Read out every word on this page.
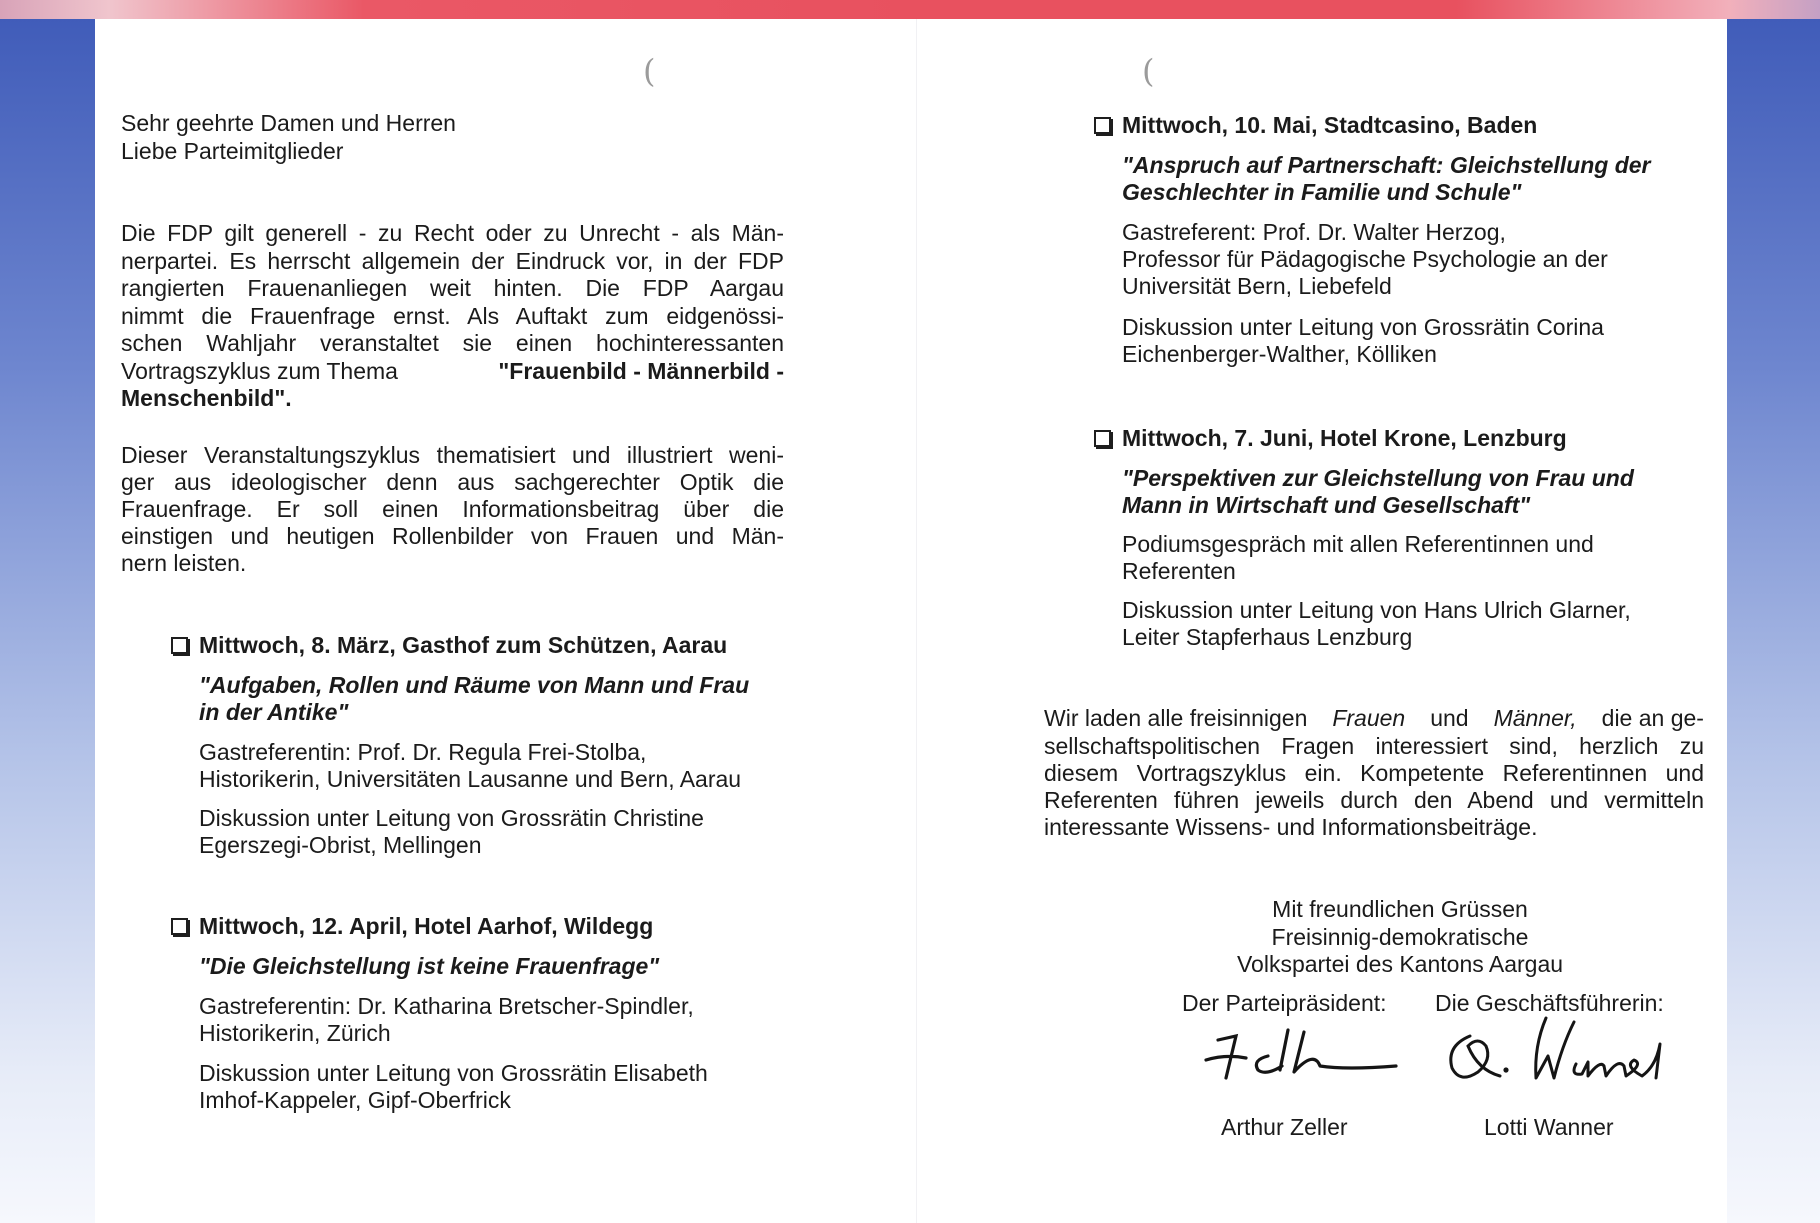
(	(
Sehr geehrte Damen und Herren
Liebe Parteimitglieder
Die FDP gilt generell - zu Recht oder zu Unrecht - als Män-
nerpartei. Es herrscht allgemein der Eindruck vor, in der FDP
rangierten Frauenanliegen weit hinten. Die FDP Aargau
nimmt die Frauenfrage ernst. Als Auftakt zum eidgenössi-
schen Wahljahr veranstaltet sie einen hochinteressanten
Vortragszyklus zum Thema	"Frauenbild - Männerbild -
Menschenbild".
Dieser Veranstaltungszyklus thematisiert und illustriert weni-
ger aus ideologischer denn aus sachgerechter Optik die
Frauenfrage. Er soll einen Informationsbeitrag über die
einstigen und heutigen Rollenbilder von Frauen und Män-
nern leisten.
Mittwoch, 8. März, Gasthof zum Schützen, Aarau
"Aufgaben, Rollen und Räume von Mann und Frau
in der Antike"
Gastreferentin: Prof. Dr. Regula Frei-Stolba,
Historikerin, Universitäten Lausanne und Bern, Aarau
Diskussion unter Leitung von Grossrätin Christine
Egerszegi-Obrist, Mellingen
Mittwoch, 12. April, Hotel Aarhof, Wildegg
"Die Gleichstellung ist keine Frauenfrage"
Gastreferentin: Dr. Katharina Bretscher-Spindler,
Historikerin, Zürich
Diskussion unter Leitung von Grossrätin Elisabeth
Imhof-Kappeler, Gipf-Oberfrick
Mittwoch, 10. Mai, Stadtcasino, Baden
"Anspruch auf Partnerschaft: Gleichstellung der
Geschlechter in Familie und Schule"
Gastreferent: Prof. Dr. Walter Herzog,
Professor für Pädagogische Psychologie an der
Universität Bern, Liebefeld
Diskussion unter Leitung von Grossrätin Corina
Eichenberger-Walther, Kölliken
Mittwoch, 7. Juni, Hotel Krone, Lenzburg
"Perspektiven zur Gleichstellung von Frau und
Mann in Wirtschaft und Gesellschaft"
Podiumsgespräch mit allen Referentinnen und
Referenten
Diskussion unter Leitung von Hans Ulrich Glarner,
Leiter Stapferhaus Lenzburg
Wir laden alle freisinnigen Frauen und Männer, die an ge-
sellschaftspolitischen Fragen interessiert sind, herzlich zu
diesem Vortragszyklus ein. Kompetente Referentinnen und
Referenten führen jeweils durch den Abend und vermitteln
interessante Wissens- und Informationsbeiträge.
Mit freundlichen Grüssen
Freisinnig-demokratische
Volkspartei des Kantons Aargau
Der Parteipräsident: Die Geschäftsführerin:
Arthur Zeller	Lotti Wanner
